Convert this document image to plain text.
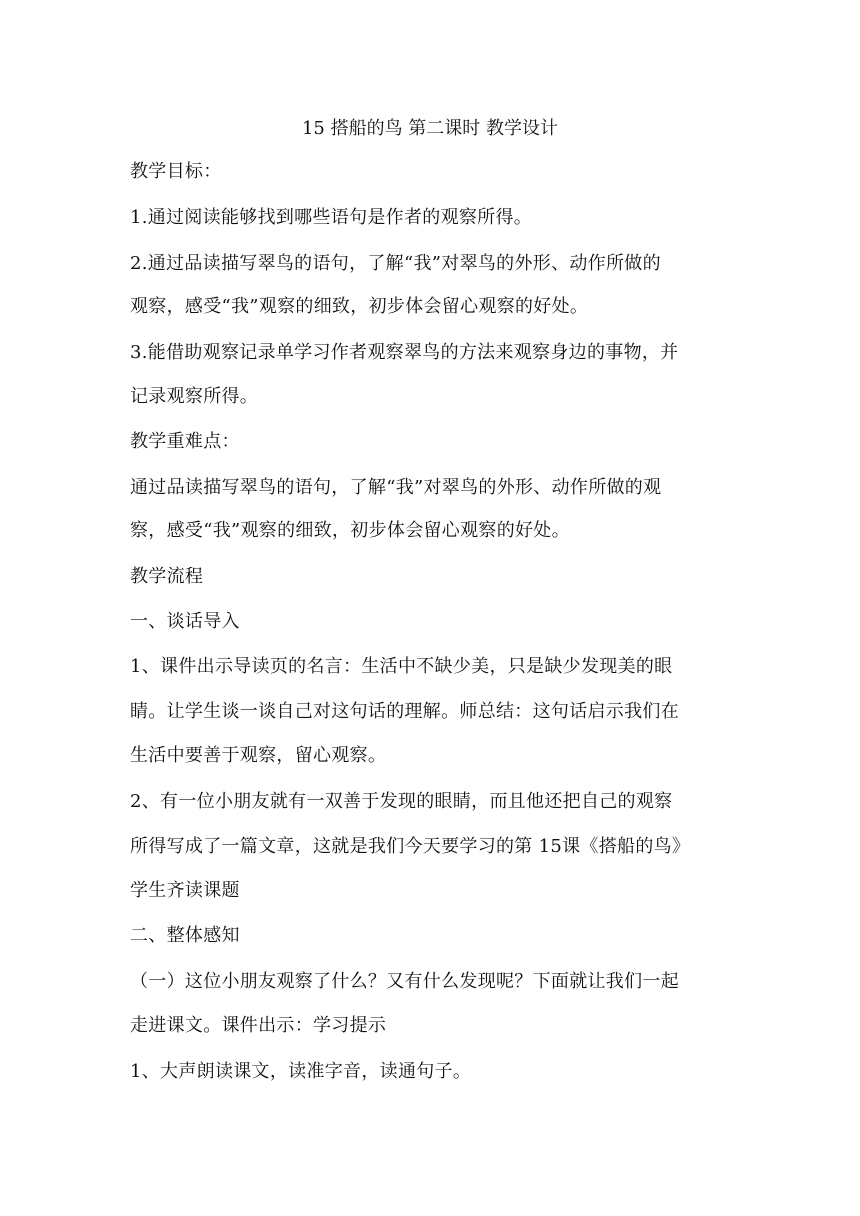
15 搭船的鸟 第二课时 教学设计
教学目标：
1.通过阅读能够找到哪些语句是作者的观察所得。
2.通过品读描写翠鸟的语句，了解“我”对翠鸟的外形、动作所做的
观察，感受“我”观察的细致，初步体会留心观察的好处。
3.能借助观察记录单学习作者观察翠鸟的方法来观察身边的事物，并
记录观察所得。
教学重难点：
通过品读描写翠鸟的语句，了解“我”对翠鸟的外形、动作所做的观
察，感受“我”观察的细致，初步体会留心观察的好处。
教学流程
一、谈话导入
1、课件出示导读页的名言：生活中不缺少美，只是缺少发现美的眼
睛。让学生谈一谈自己对这句话的理解。师总结：这句话启示我们在
生活中要善于观察，留心观察。
2、有一位小朋友就有一双善于发现的眼睛，而且他还把自己的观察
所得写成了一篇文章，这就是我们今天要学习的第 15课《搭船的鸟》
学生齐读课题
二、整体感知
（一）这位小朋友观察了什么？又有什么发现呢？下面就让我们一起
走进课文。课件出示：学习提示
1、大声朗读课文，读准字音，读通句子。
